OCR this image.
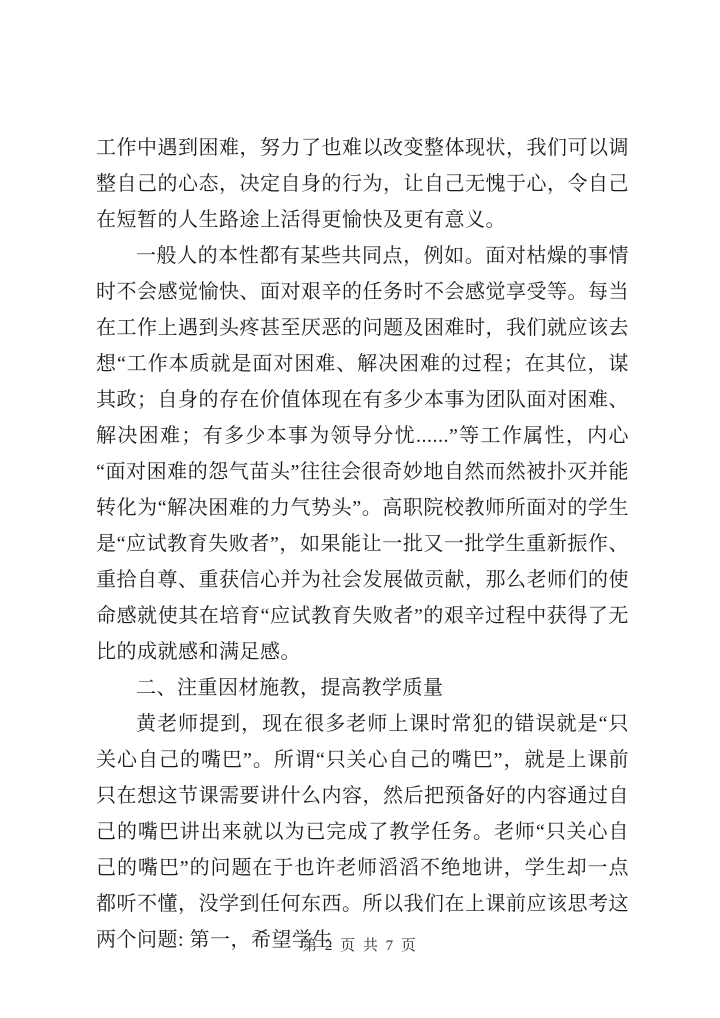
工作中遇到困难，努力了也难以改变整体现状，我们可以调整自己的心态，决定自身的行为，让自己无愧于心，令自己在短暂的人生路途上活得更愉快及更有意义。

一般人的本性都有某些共同点，例如。面对枯燥的事情时不会感觉愉快、面对艰辛的任务时不会感觉享受等。每当在工作上遇到头疼甚至厌恶的问题及困难时，我们就应该去想“工作本质就是面对困难、解决困难的过程；在其位，谋其政；自身的存在价值体现在有多少本事为团队面对困难、解决困难；有多少本事为领导分忧......”等工作属性，内心“面对困难的怨气苗头”往往会很奇妙地自然而然被扑灭并能转化为“解决困难的力气势头”。高职院校教师所面对的学生是“应试教育失败者”，如果能让一批又一批学生重新振作、重拾自尊、重获信心并为社会发展做贡献，那么老师们的使命感就使其在培育“应试教育失败者”的艰辛过程中获得了无比的成就感和满足感。

二、注重因材施教，提高教学质量

黄老师提到，现在很多老师上课时常犯的错误就是“只关心自己的嘴巴”。所谓“只关心自己的嘴巴”，就是上课前只在想这节课需要讲什么内容，然后把预备好的内容通过自己的嘴巴讲出来就以为已完成了教学任务。老师“只关心自己的嘴巴”的问题在于也许老师滔滔不绝地讲，学生却一点都听不懂，没学到任何东西。所以我们在上课前应该思考这两个问题: 第一，希望学生

第 2 页 共 7 页
